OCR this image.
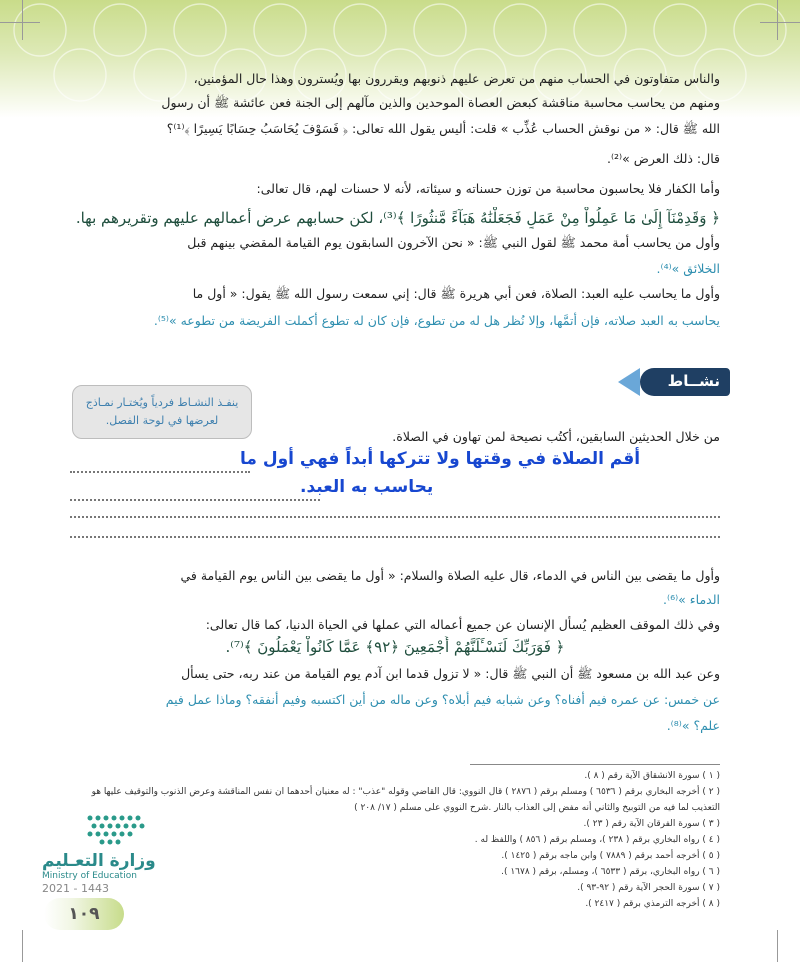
والناس متفاوتون في الحساب منهم من تعرض عليهم ذنوبهم ويقررون بها ويُسترون وهذا حال المؤمنين،
ومنهم من يحاسب محاسبة مناقشة كبعض العصاة الموحدين والذين مآلهم إلى الجنة فعن عائشة ﷺ أن رسول
الله ﷺ قال: « من نوقش الحساب عُذِّب » قلت: أليس يقول الله تعالى: ﴿ فَسَوْفَ يُحَاسَبُ حِسَابًا يَسِيرًا ﴾⁽¹⁾؟
قال: ذلك العرض »⁽²⁾.
وأما الكفار فلا يحاسبون محاسبة من توزن حسناته و سيئاته، لأنه لا حسنات لهم، قال تعالى:
﴿ وَقَدِمْنَآ إِلَىٰ مَا عَمِلُواْ مِنْ عَمَلٍ فَجَعَلْنَٰهُ هَبَآءً مَّنثُورًا ﴾⁽³⁾، لكن حسابهم عرض أعمالهم عليهم وتقريرهم بها.
وأول من يحاسب أمة محمد ﷺ لقول النبي ﷺ: « نحن الآخرون السابقون يوم القيامة المقضي بينهم قبل
الخلائق »⁽⁴⁾.
وأول ما يحاسب عليه العبد: الصلاة، فعن أبي هريرة ﷺ قال: إني سمعت رسول الله ﷺ يقول: « أول ما
يحاسب به العبد صلاته، فإن أتمَّها، وإلا نُظر هل له من تطوع، فإن كان له تطوع أكملت الفريضة من تطوعه »⁽⁵⁾.
نشــاط
ينفـذ النشـاط فردياً ويُختـار نمـاذج لعرضها في لوحة الفصل.
من خلال الحديثين السابقين، أكتُب نصيحة لمن تهاون في الصلاة.
أقم الصلاة في وقتها ولا تتركها أبداً فهي أول ما
يحاسب به العبد.
وأول ما يقضى بين الناس في الدماء، قال عليه الصلاة والسلام: « أول ما يقضى بين الناس يوم القيامة في
الدماء »⁽⁶⁾.
وفي ذلك الموقف العظيم يُسأل الإنسان عن جميع أعماله التي عملها في الحياة الدنيا، كما قال تعالى:
﴿ فَوَرَبِّكَ لَنَسْـَٔلَنَّهُمْ أَجْمَعِينَ ﴿٩٢﴾ عَمَّا كَانُواْ يَعْمَلُونَ ﴾⁽⁷⁾.
وعن عبد الله بن مسعود ﷺ أن النبي ﷺ قال: « لا تزول قدما ابن آدم يوم القيامة من عند ربه، حتى يسأل
عن خمس: عن عمره فيم أفناه؟ وعن شبابه فيم أبلاه؟ وعن ماله من أين اكتسبه وفيم أنفقه؟ وماذا عمل فيم
علم؟ »⁽⁸⁾.
( ١ ) سورة الانشقاق الآية رقم ( ٨ ).
( ٢ ) أخرجه البخاري برقم ( ٦٥٣٦ ) ومسلم برقم ( ٢٨٧٦ ) قال النووي: قال القاضي وقوله "عذب" : له معنيان أحدهما ان نفس المناقشة وعرض الذنوب والتوقيف عليها هو
التعذيب لما فيه من التوبيخ والثاني أنه مفض إلى العذاب بالنار .شرح النووي على مسلم ( ١٧/ ٢٠٨ )
( ٣ ) سورة الفرقان الآية رقم ( ٢٣ ).
( ٤ ) رواه البخاري برقم ( ٢٣٨ )، ومسلم برقم ( ٨٥٦ ) واللفظ له .
( ٥ ) أخرجه أحمد برقم ( ٧٨٨٩ ) وابن ماجه برقم ( ١٤٢٥ ).
( ٦ ) رواه البخاري، برقم ( ٦٥٣٣ )، ومسلم، برقم ( ١٦٧٨ ).
( ٧ ) سورة الحجر الآية رقم ( ٩٢-٩٣ ).
( ٨ ) أخرجه الترمذي برقم ( ٢٤١٧ ).
وزارة التعـليم
Ministry of Education
2021 - 1443
١٠٩
